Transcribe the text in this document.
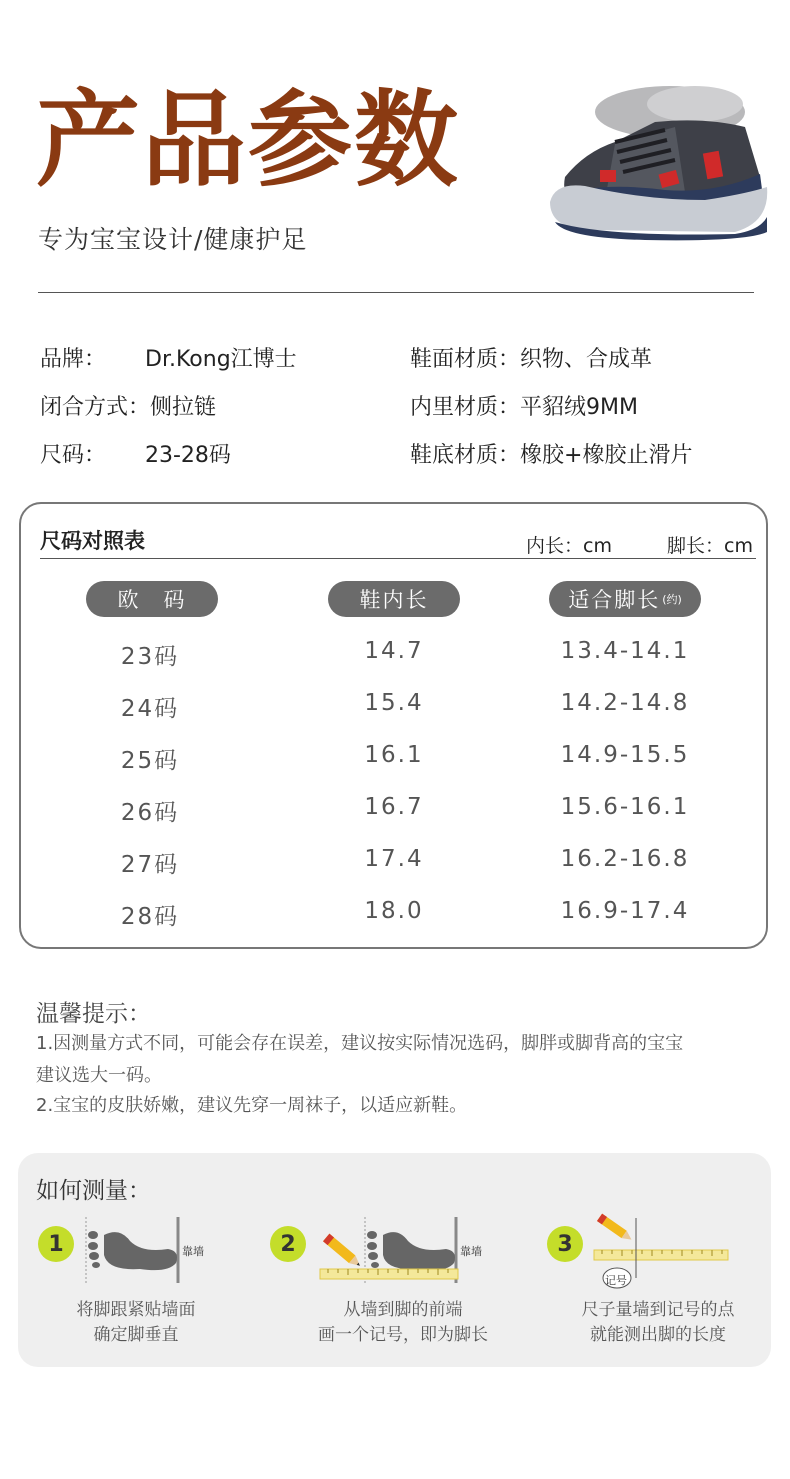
产品参数
专为宝宝设计/健康护足
品牌： Dr.Kong江博士
闭合方式：侧拉链
尺码： 23-28码
鞋面材质：织物、合成革
内里材质：平貂绒9MM
鞋底材质：橡胶+橡胶止滑片
尺码对照表	内长：cm	脚长：cm
欧　码	鞋内长	适合脚长 (约)
23码	14.7	13.4-14.1
24码	15.4	14.2-14.8
25码	16.1	14.9-15.5
26码	16.7	15.6-16.1
27码	17.4	16.2-16.8
28码	18.0	16.9-17.4
温馨提示：
1.因测量方式不同，可能会存在误差，建议按实际情况选码，脚胖或脚背高的宝宝
建议选大一码。
2.宝宝的皮肤娇嫩，建议先穿一周袜子，以适应新鞋。
如何测量：
1	靠墙
将脚跟紧贴墙面
确定脚垂直
2	靠墙
从墙到脚的前端
画一个记号，即为脚长
3
记号
尺子量墙到记号的点
就能测出脚的长度
